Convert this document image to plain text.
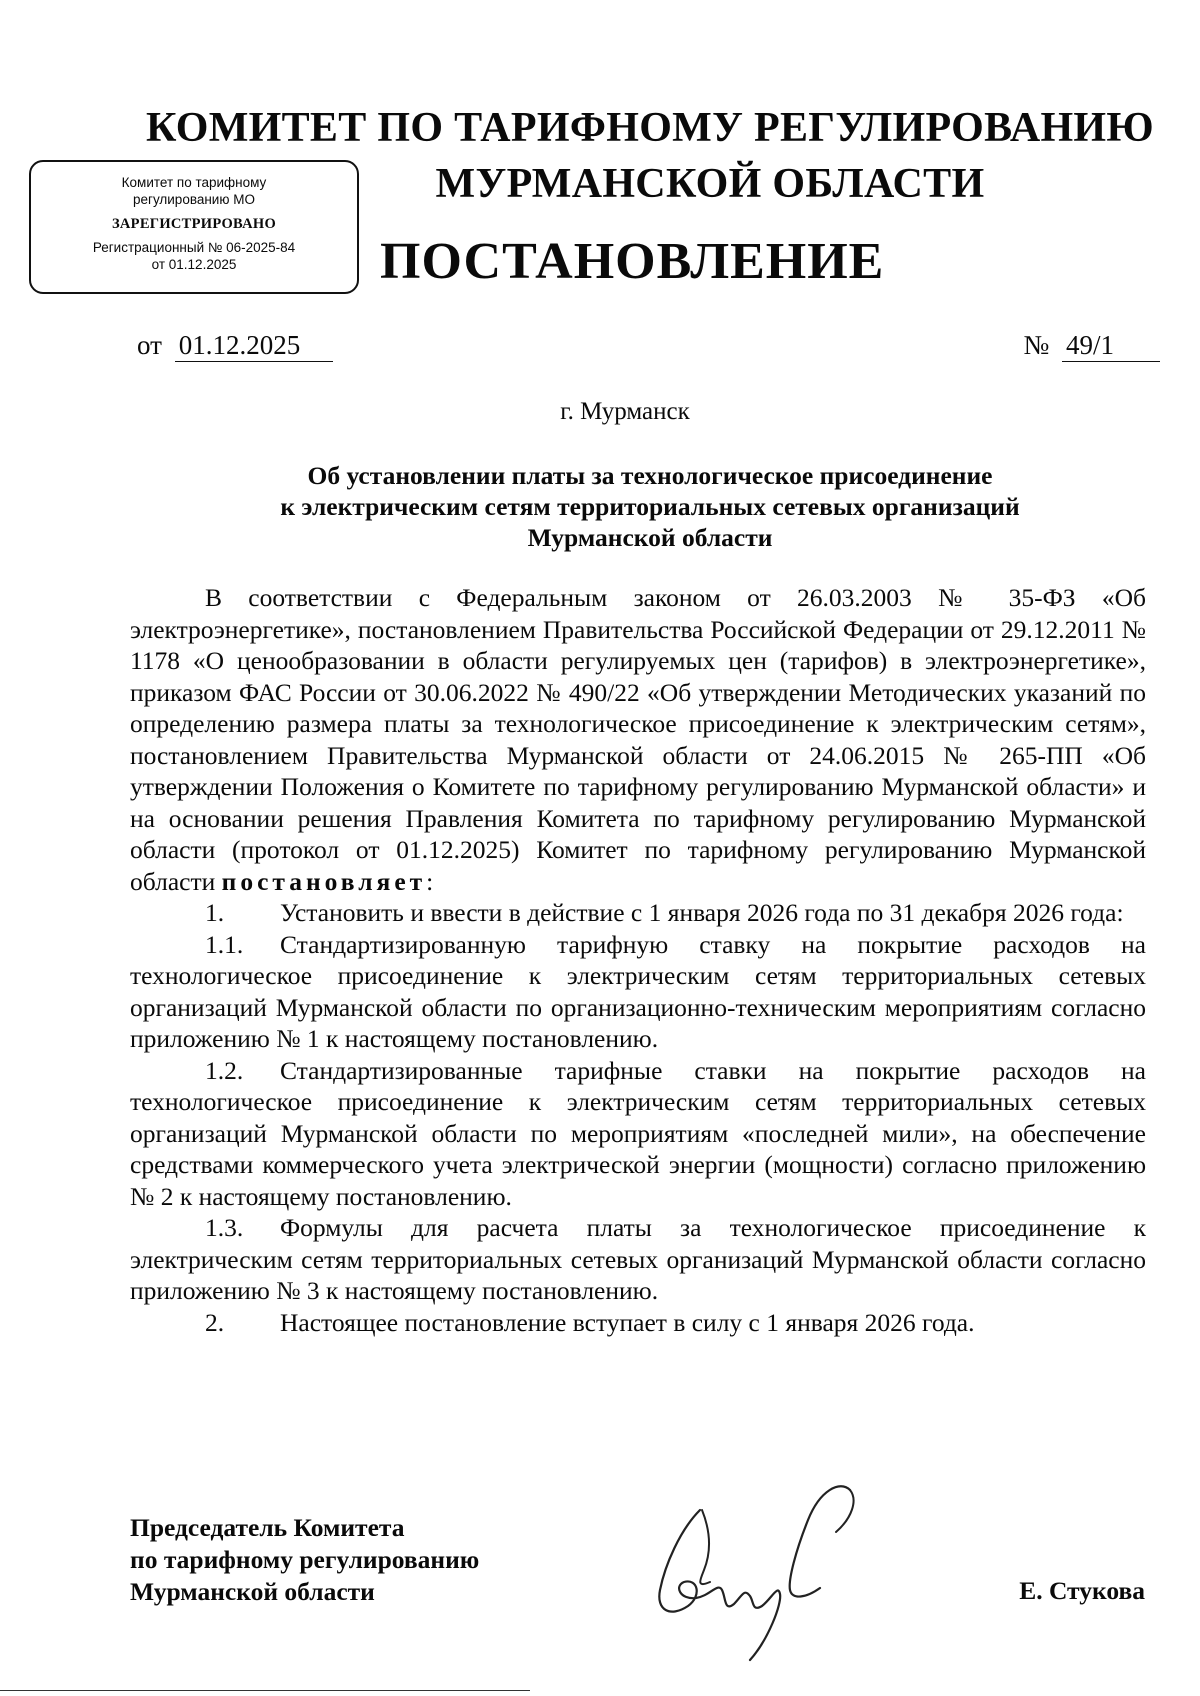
КОМИТЕТ ПО ТАРИФНОМУ РЕГУЛИРОВАНИЮ
МУРМАНСКОЙ ОБЛАСТИ
Комитет по тарифному
регулированию МО
ЗАРЕГИСТРИРОВАНО
Регистрационный № 06-2025-84
от 01.12.2025	ПОСТАНОВЛЕНИЕ
от 01.12.2025	№ 49/1
г. Мурманск
Об установлении платы за технологическое присоединение
к электрическим сетям территориальных сетевых организаций
Мурманской области

В соответствии с Федеральным законом от 26.03.2003 № 35-ФЗ «Об электроэнергетике», постановлением Правительства Российской Федерации от 29.12.2011 № 1178 «О ценообразовании в области регулируемых цен (тарифов) в электроэнергетике», приказом ФАС России от 30.06.2022 № 490/22 «Об утверждении Методических указаний по определению размера платы за технологическое присоединение к электрическим сетям», постановлением Правительства Мурманской области от 24.06.2015 № 265-ПП «Об утверждении Положения о Комитете по тарифному регулированию Мурманской области» и на основании решения Правления Комитета по тарифному регулированию Мурманской области (протокол от 01.12.2025) Комитет по тарифному регулированию Мурманской области постановляет:

1. Установить и ввести в действие с 1 января 2026 года по 31 декабря 2026 года:

1.1. Стандартизированную тарифную ставку на покрытие расходов на технологическое присоединение к электрическим сетям территориальных сетевых организаций Мурманской области по организационно-техническим мероприятиям согласно приложению № 1 к настоящему постановлению.

1.2. Стандартизированные тарифные ставки на покрытие расходов на технологическое присоединение к электрическим сетям территориальных сетевых организаций Мурманской области по мероприятиям «последней мили», на обеспечение средствами коммерческого учета электрической энергии (мощности) согласно приложению № 2 к настоящему постановлению.

1.3. Формулы для расчета платы за технологическое присоединение к электрическим сетям территориальных сетевых организаций Мурманской области согласно приложению № 3 к настоящему постановлению.

2. Настоящее постановление вступает в силу с 1 января 2026 года.

Председатель Комитета
по тарифному регулированию
Мурманской области	Е. Стукова
